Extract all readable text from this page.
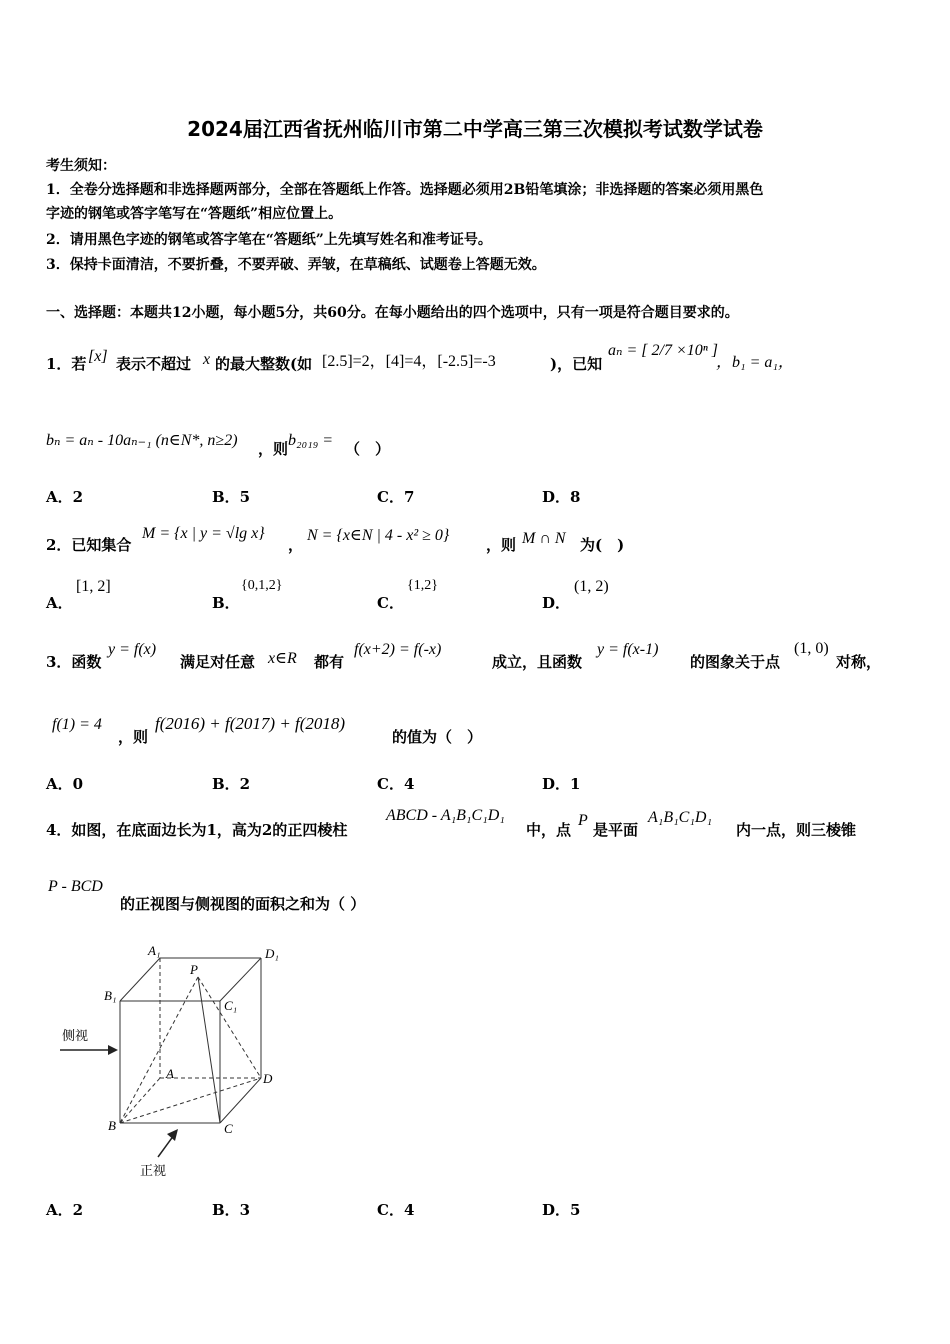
2024届江西省抚州临川市第二中学高三第三次模拟考试数学试卷
考生须知：
1．全卷分选择题和非选择题两部分，全部在答题纸上作答。选择题必须用2B铅笔填涂；非选择题的答案必须用黑色
字迹的钢笔或答字笔写在“答题纸”相应位置上。
2．请用黑色字迹的钢笔或答字笔在“答题纸”上先填写姓名和准考证号。
3．保持卡面清洁，不要折叠，不要弄破、弄皱，在草稿纸、试题卷上答题无效。
一、选择题：本题共12小题，每小题5分，共60分。在每小题给出的四个选项中，只有一项是符合题目要求的。
1．若 [x] 表示不超过 x 的最大整数(如 [2.5]=2，[4]=4，[-2.5]=-3	)，已知
aₙ = [ 2/7 ×10ⁿ ]
，b₁ = a₁，
bₙ = aₙ - 10aₙ₋₁ (n∈N*, n≥2) ，则 b₂₀₁₉ = （　）
A．2	B．5	C．7	D．8
2．已知集合
M = {x | y = √lg x}
，
N = {x∈N | 4 - x² ≥ 0}
，则 M ∩ N 为(　)
A．
[1, 2]
B．
{0,1,2}
C．
{1,2}
D．
(1, 2)
3．函数
y = f(x)
满足对任意 x∈R 都有
f(x+2) = f(-x)
成立，且函数
y = f(x-1)
的图象关于点
(1, 0)
对称，
f(1) = 4
，则
f(2016) + f(2017) + f(2018)
的值为（　）
A．0	B．2	C．4	D．1
4．如图，在底面边长为1，高为2的正四棱柱
ABCD - A₁B₁C₁D₁
中，点
P
是平面
A₁B₁C₁D₁
内一点，则三棱锥
P - BCD
的正视图与侧视图的面积之和为（ ）
A₁	D₁
B₁
P
C₁
A	D
B	C
侧视
正视
A．2	B．3	C．4	D．5
